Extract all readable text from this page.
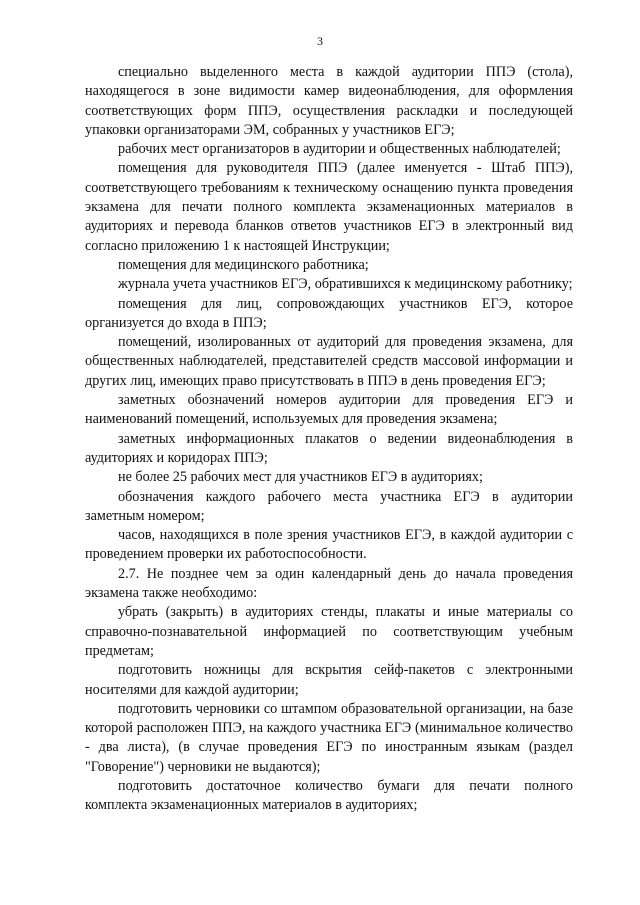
3

специально выделенного места в каждой аудитории ППЭ (стола), находящегося в зоне видимости камер видеонаблюдения, для оформления соответствующих форм ППЭ, осуществления раскладки и последующей упаковки организаторами ЭМ, собранных у участников ЕГЭ;

рабочих мест организаторов в аудитории и общественных наблюдателей;

помещения для руководителя ППЭ (далее именуется - Штаб ППЭ), соответствующего требованиям к техническому оснащению пункта проведения экзамена для печати полного комплекта экзаменационных материалов в аудиториях и перевода бланков ответов участников ЕГЭ в электронный вид согласно приложению 1 к настоящей Инструкции;

помещения для медицинского работника;

журнала учета участников ЕГЭ, обратившихся к медицинскому работнику;

помещения для лиц, сопровождающих участников ЕГЭ, которое организуется до входа в ППЭ;

помещений, изолированных от аудиторий для проведения экзамена, для общественных наблюдателей, представителей средств массовой информации и других лиц, имеющих право присутствовать в ППЭ в день проведения ЕГЭ;

заметных обозначений номеров аудитории для проведения ЕГЭ и наименований помещений, используемых для проведения экзамена;

заметных информационных плакатов о ведении видеонаблюдения в аудиториях и коридорах ППЭ;

не более 25 рабочих мест для участников ЕГЭ в аудиториях;

обозначения каждого рабочего места участника ЕГЭ в аудитории заметным номером;

часов, находящихся в поле зрения участников ЕГЭ, в каждой аудитории с проведением проверки их работоспособности.

2.7. Не позднее чем за один календарный день до начала проведения экзамена также необходимо:

убрать (закрыть) в аудиториях стенды, плакаты и иные материалы со справочно-познавательной информацией по соответствующим учебным предметам;

подготовить ножницы для вскрытия сейф-пакетов с электронными носителями для каждой аудитории;

подготовить черновики со штампом образовательной организации, на базе которой расположен ППЭ, на каждого участника ЕГЭ (минимальное количество - два листа), (в случае проведения ЕГЭ по иностранным языкам (раздел "Говорение") черновики не выдаются);

подготовить достаточное количество бумаги для печати полного комплекта экзаменационных материалов в аудиториях;
